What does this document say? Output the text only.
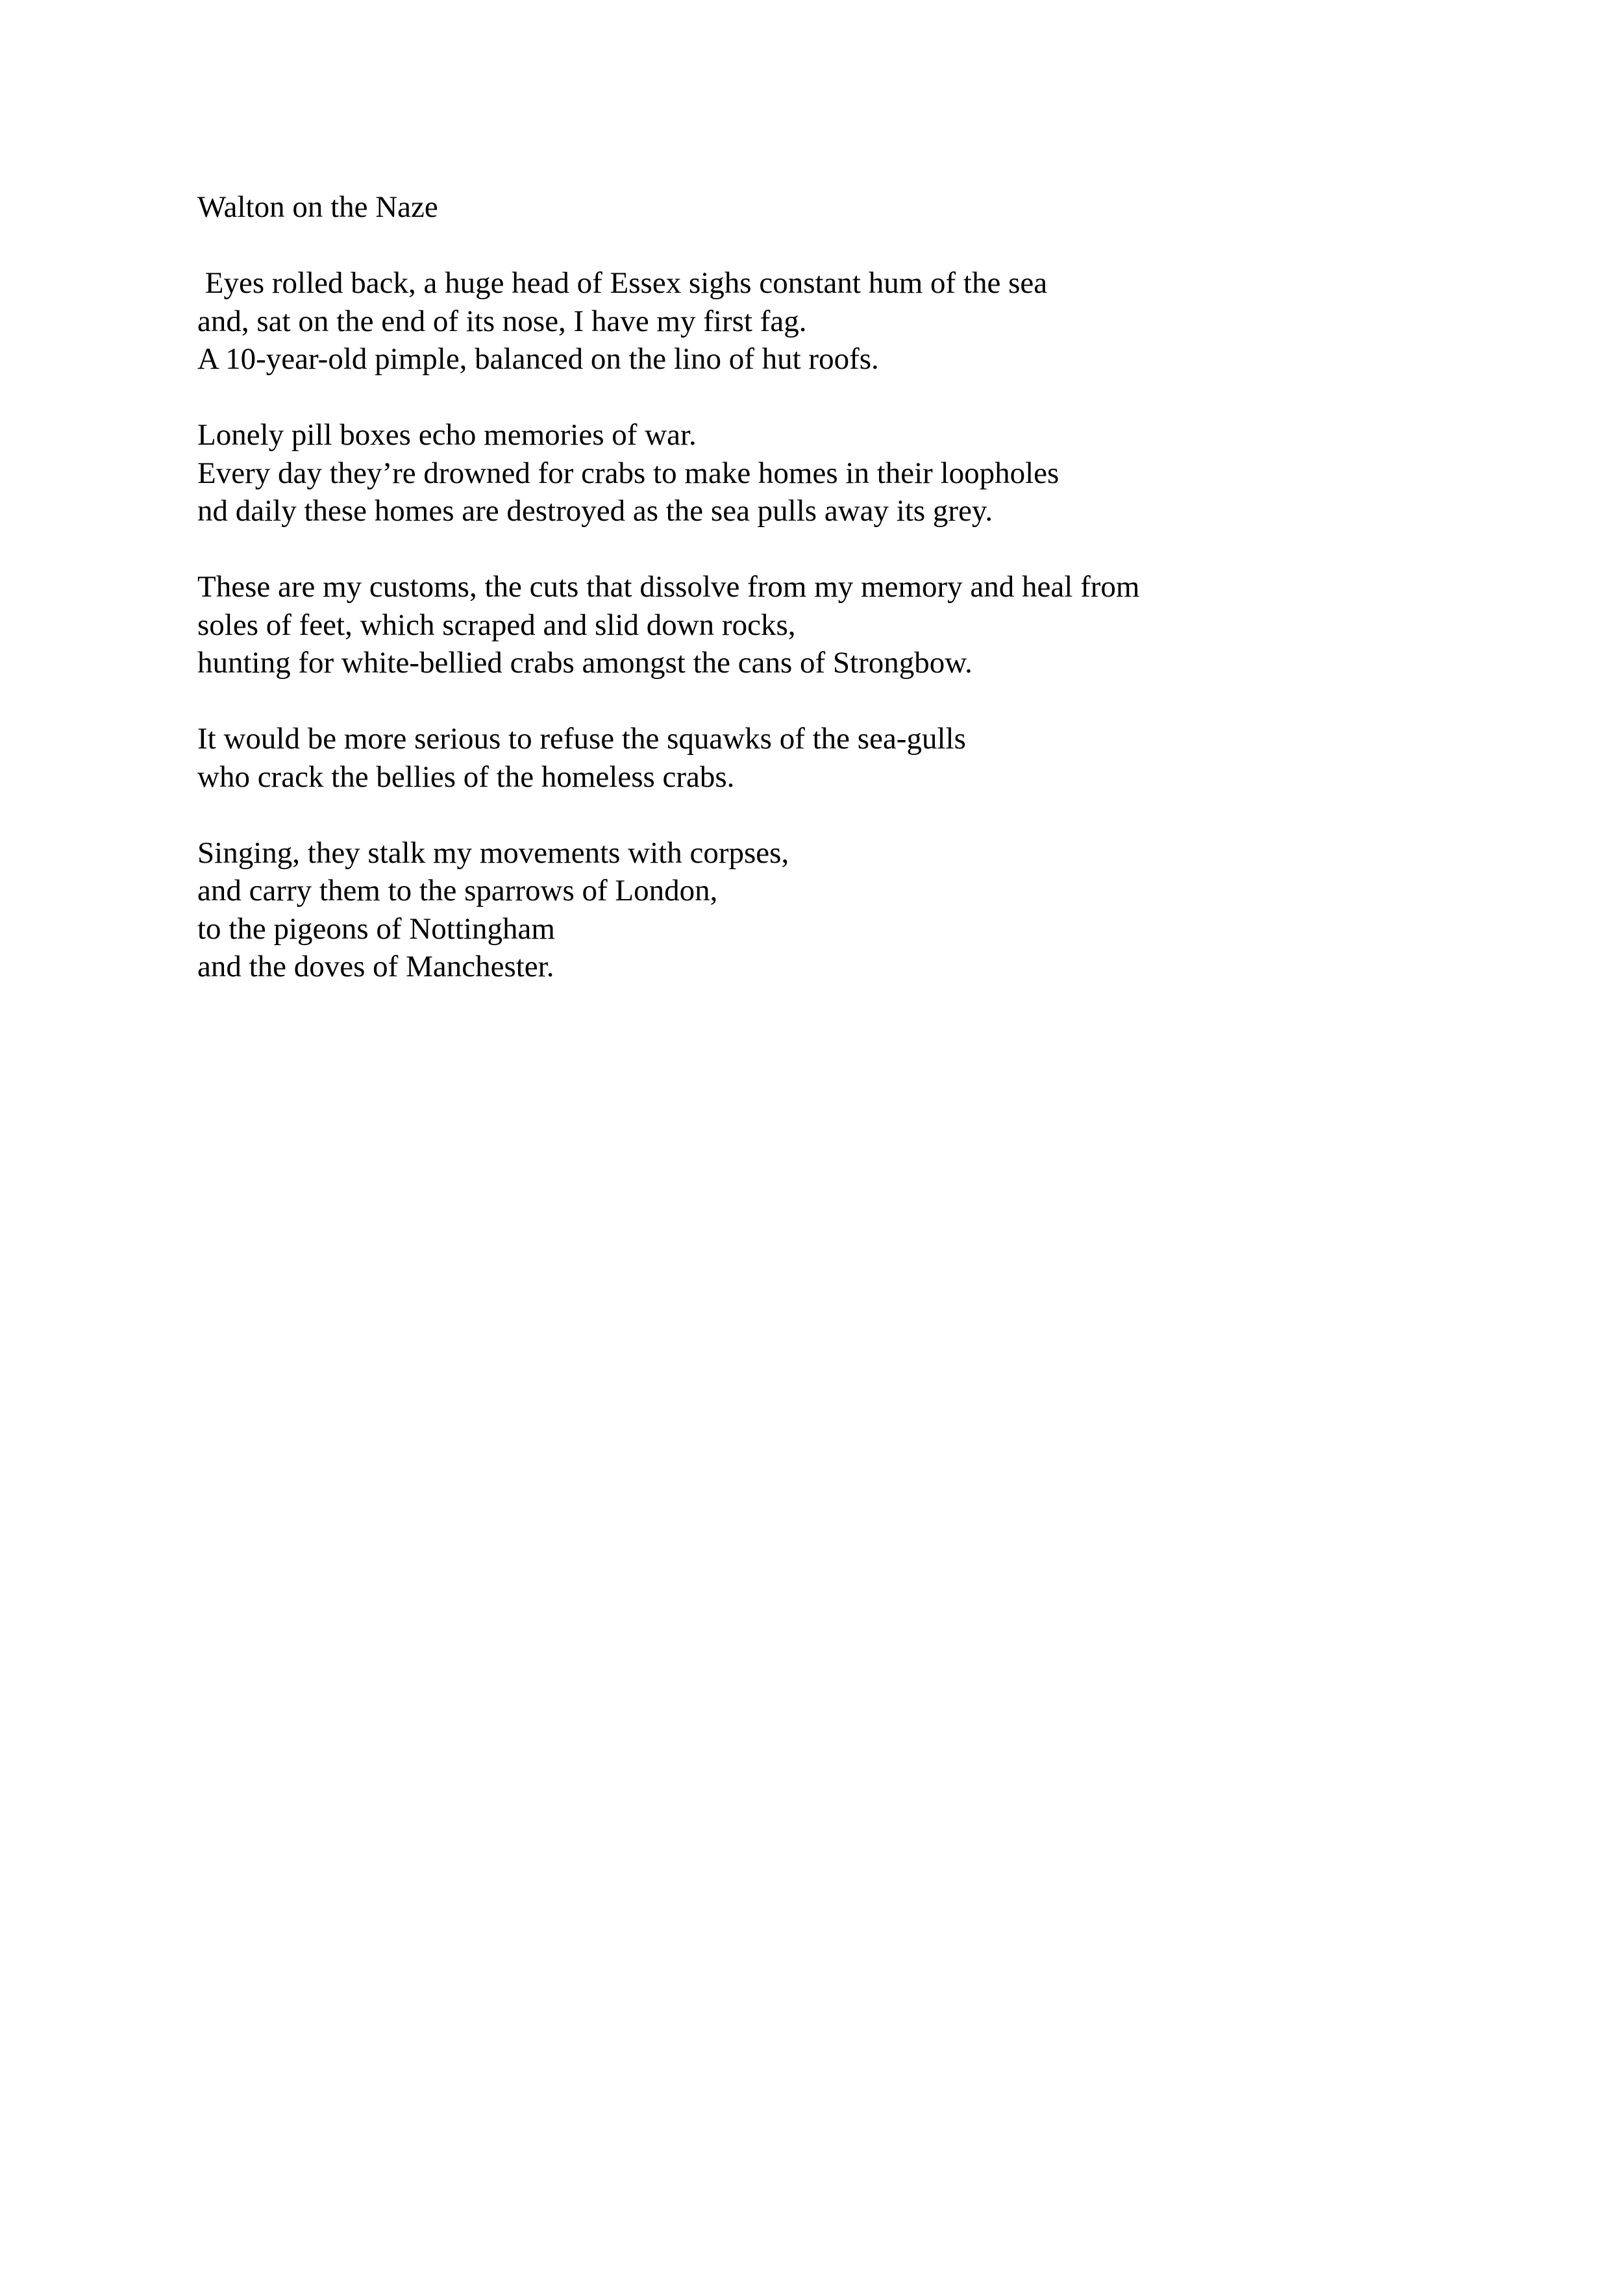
Walton on the Naze
Eyes rolled back, a huge head of Essex sighs constant hum of the sea
and, sat on the end of its nose, I have my first fag.
A 10-year-old pimple, balanced on the lino of hut roofs.
Lonely pill boxes echo memories of war.
Every day they’re drowned for crabs to make homes in their loopholes
nd daily these homes are destroyed as the sea pulls away its grey.
These are my customs, the cuts that dissolve from my memory and heal from
soles of feet, which scraped and slid down rocks,
hunting for white-bellied crabs amongst the cans of Strongbow.
It would be more serious to refuse the squawks of the sea-gulls
who crack the bellies of the homeless crabs.
Singing, they stalk my movements with corpses,
and carry them to the sparrows of London,
to the pigeons of Nottingham
and the doves of Manchester.
